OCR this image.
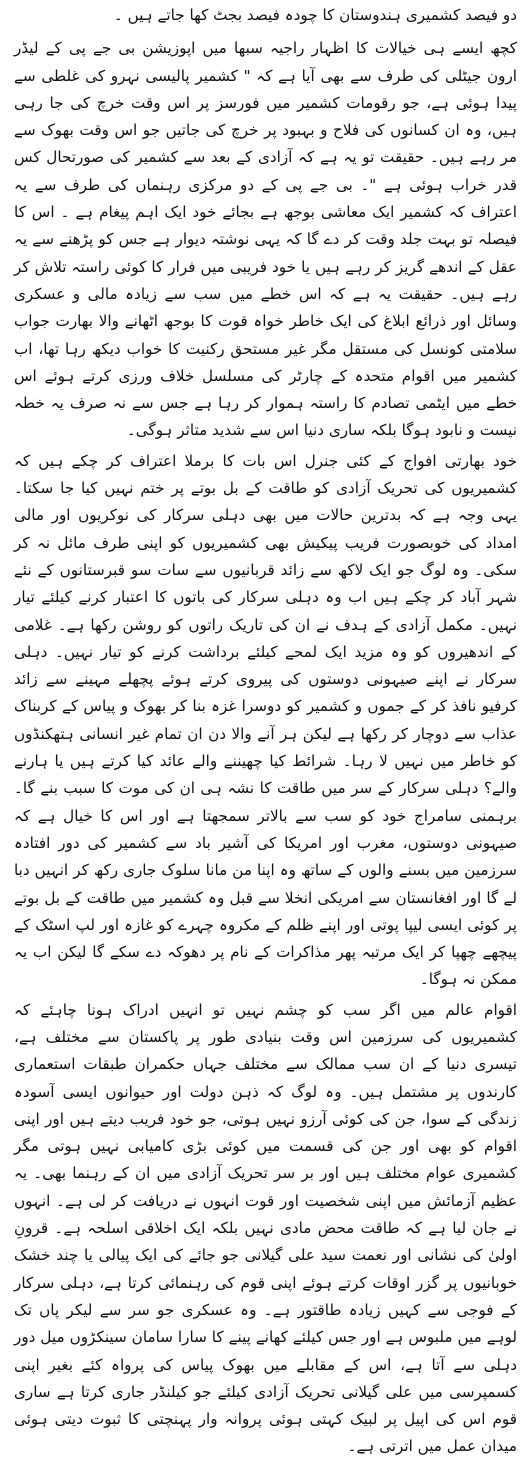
دو فیصد کشمیری ہندوستان کا چودہ فیصد بجٹ کھا جاتے ہیں ۔

کچھ ایسے ہی خیالات کا اظہار راجیہ سبھا میں اپوزیشن بی جے پی کے لیڈر ارون جیٹلی کی طرف سے بھی آیا ہے کہ " کشمیر پالیسی نہرو کی غلطی سے پیدا ہوئی ہے، جو رقومات کشمیر میں فورسز پر اس وقت خرچ کی جا رہی ہیں، وہ ان کسانوں کی فلاح و بہبود پر خرچ کی جاتیں جو اس وقت بھوک سے مر رہے ہیں۔ حقیقت تو یہ ہے کہ آزادی کے بعد سے کشمیر کی صورتحال کس قدر خراب ہوئی ہے "۔ بی جے پی کے دو مرکزی رہنماں کی طرف سے یہ اعتراف کہ کشمیر ایک معاشی بوجھ ہے بجائے خود ایک اہم پیغام ہے ۔ اس کا فیصلہ تو بہت جلد وقت کر دے گا کہ یہی نوشتہ دیوار ہے جس کو پڑھنے سے یہ عقل کے اندھے گریز کر رہے ہیں یا خود فریبی میں فرار کا کوئی راستہ تلاش کر رہے ہیں۔ حقیقت یہ ہے کہ اس خطے میں سب سے زیادہ مالی و عسکری وسائل اور ذرائع ابلاغ کی ایک خاطر خواہ قوت کا بوجھ اٹھانے والا بھارت جواب سلامتی کونسل کی مستقل مگر غیر مستحق رکنیت کا خواب دیکھ رہا تھا، اب کشمیر میں اقوام متحدہ کے چارٹر کی مسلسل خلاف ورزی کرتے ہوئے اس خطے میں ایٹمی تصادم کا راستہ ہموار کر رہا ہے جس سے نہ صرف یہ خطہ نیست و نابود ہوگا بلکہ ساری دنیا اس سے شدید متاثر ہوگی۔

خود بھارتی افواج کے کئی جنرل اس بات کا برملا اعتراف کر چکے ہیں کہ کشمیریوں کی تحریک آزادی کو طاقت کے بل بوتے پر ختم نہیں کیا جا سکتا۔ یہی وجہ ہے کہ بدترین حالات میں بھی دہلی سرکار کی نوکریوں اور مالی امداد کی خوبصورت فریب پیکیش بھی کشمیریوں کو اپنی طرف مائل نہ کر سکی۔ وہ لوگ جو ایک لاکھ سے زائد قربانیوں سے سات سو قبرستانوں کے نئے شہر آباد کر چکے ہیں اب وہ دہلی سرکار کی باتوں کا اعتبار کرنے کیلئے تیار نہیں۔ مکمل آزادی کے ہدف نے ان کی تاریک راتوں کو روشن رکھا ہے۔ غلامی کے اندھیروں کو وہ مزید ایک لمحے کیلئے برداشت کرنے کو تیار نہیں۔ دہلی سرکار نے اپنے صیہونی دوستوں کی پیروی کرتے ہوئے پچھلے مہینے سے زائد کرفیو نافذ کر کے جموں و کشمیر کو دوسرا غزہ بنا کر بھوک و پیاس کے کربناک عذاب سے دوچار کر رکھا ہے لیکن ہر آنے والا دن ان تمام غیر انسانی ہتھکنڈوں کو خاطر میں نہیں لا رہا۔ شرائط کیا چھیننے والے عائد کیا کرتے ہیں یا ہارنے والے؟ دہلی سرکار کے سر میں طاقت کا نشہ ہی ان کی موت کا سبب بنے گا۔ برہمنی سامراج خود کو سب سے بالاتر سمجھتا ہے اور اس کا خیال ہے کہ صیہونی دوستوں، مغرب اور امریکا کی آشیر باد سے کشمیر کی دور افتادہ سرزمین میں بسنے والوں کے ساتھ وہ اپنا من مانا سلوک جاری رکھ کر انہیں دبا لے گا اور افغانستان سے امریکی انخلا سے قبل وہ کشمیر میں طاقت کے بل بوتے پر کوئی ایسی لیپا پوتی اور اپنے ظلم کے مکروہ چہرے کو غازہ اور لپ اسٹک کے پیچھے چھپا کر ایک مرتبہ پھر مذاکرات کے نام پر دھوکہ دے سکے گا لیکن اب یہ ممکن نہ ہوگا۔

اقوام عالم میں اگر سب کو چشم نہیں تو انہیں ادراک ہونا چاہئے کہ کشمیریوں کی سرزمین اس وقت بنیادی طور پر پاکستان سے مختلف ہے، تیسری دنیا کے ان سب ممالک سے مختلف جہاں حکمران طبقات استعماری کارندوں پر مشتمل ہیں۔ وہ لوگ کہ ذہن دولت اور حیوانوں ایسی آسودہ زندگی کے سوا، جن کی کوئی آرزو نہیں ہوتی، جو خود فریب دیتے ہیں اور اپنی اقوام کو بھی اور جن کی قسمت میں کوئی بڑی کامیابی نہیں ہوتی مگر کشمیری عوام مختلف ہیں اور بر سر تحریک آزادی میں ان کے رہنما بھی۔ یہ عظیم آزمائش میں اپنی شخصیت اور قوت انہوں نے دریافت کر لی ہے۔ انہوں نے جان لیا ہے کہ طاقت محض مادی نہیں بلکہ ایک اخلاقی اسلحہ ہے۔ قرونِ اولیٰ کی نشانی اور نعمت سید علی گیلانی جو جائے کی ایک پیالی یا چند خشک خوبانیوں پر گزر اوقات کرتے ہوئے اپنی قوم کی رہنمائی کرتا ہے، دہلی سرکار کے فوجی سے کہیں زیادہ طاقتور ہے۔ وہ عسکری جو سر سے لیکر پاں تک لوہے میں ملبوس ہے اور جس کیلئے کھانے پینے کا سارا سامان سینکڑوں میل دور دہلی سے آتا ہے، اس کے مقابلے میں بھوک پیاس کی پرواہ کئے بغیر اپنی کسمپرسی میں علی گیلانی تحریک آزادی کیلئے جو کیلنڈر جاری کرتا ہے ساری قوم اس کی اپیل پر لبیک کہتی ہوئی پروانہ وار پہنچتی کا ثبوت دیتی ہوئی میدان عمل میں اترتی ہے۔
